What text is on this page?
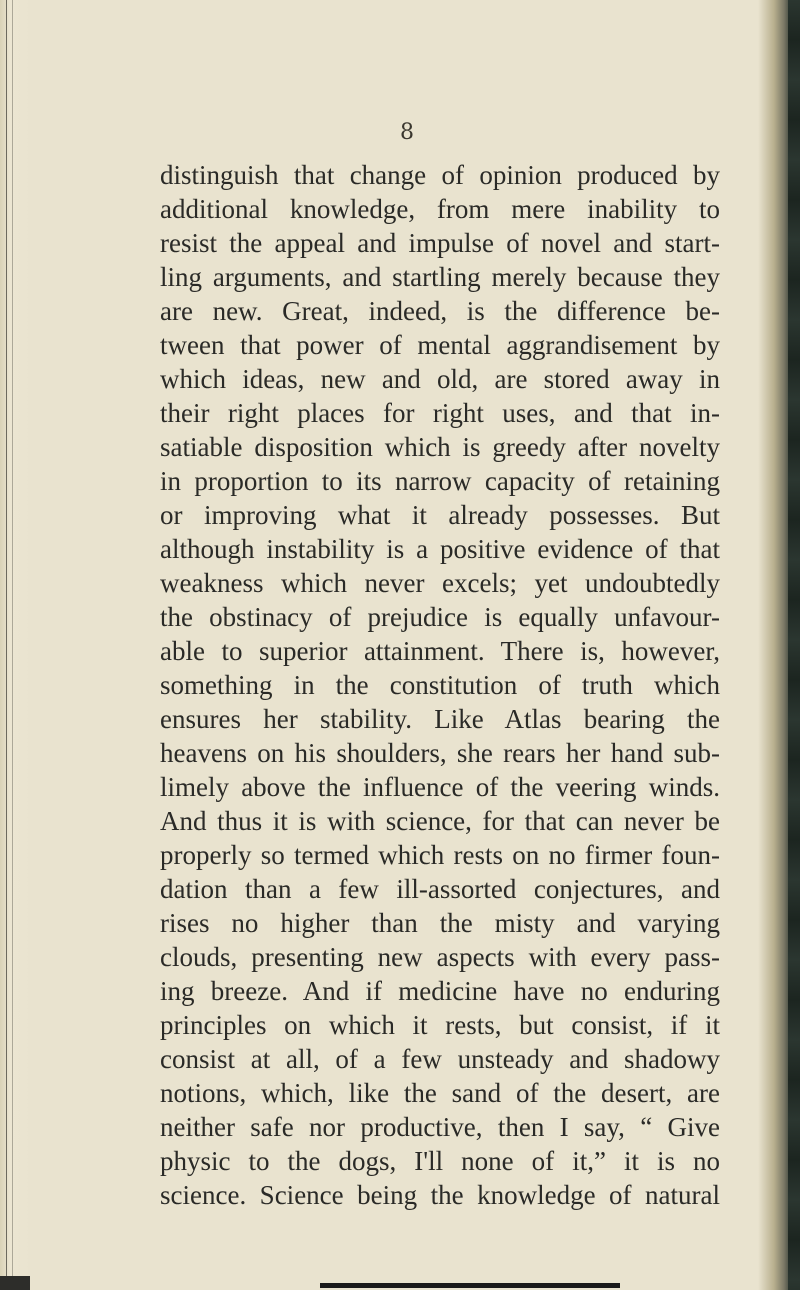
8

distinguish that change of opinion produced by
additional knowledge, from mere inability to
resist the appeal and impulse of novel and start-
ling arguments, and startling merely because they
are new. Great, indeed, is the difference be-
tween that power of mental aggrandisement by
which ideas, new and old, are stored away in
their right places for right uses, and that in-
satiable disposition which is greedy after novelty
in proportion to its narrow capacity of retaining
or improving what it already possesses. But
although instability is a positive evidence of that
weakness which never excels; yet undoubtedly
the obstinacy of prejudice is equally unfavour-
able to superior attainment. There is, however,
something in the constitution of truth which
ensures her stability. Like Atlas bearing the
heavens on his shoulders, she rears her hand sub-
limely above the influence of the veering winds.
And thus it is with science, for that can never be
properly so termed which rests on no firmer foun-
dation than a few ill-assorted conjectures, and
rises no higher than the misty and varying
clouds, presenting new aspects with every pass-
ing breeze. And if medicine have no enduring
principles on which it rests, but consist, if it
consist at all, of a few unsteady and shadowy
notions, which, like the sand of the desert, are
neither safe nor productive, then I say, “ Give
physic to the dogs, I'll none of it,” it is no
science. Science being the knowledge of natural
